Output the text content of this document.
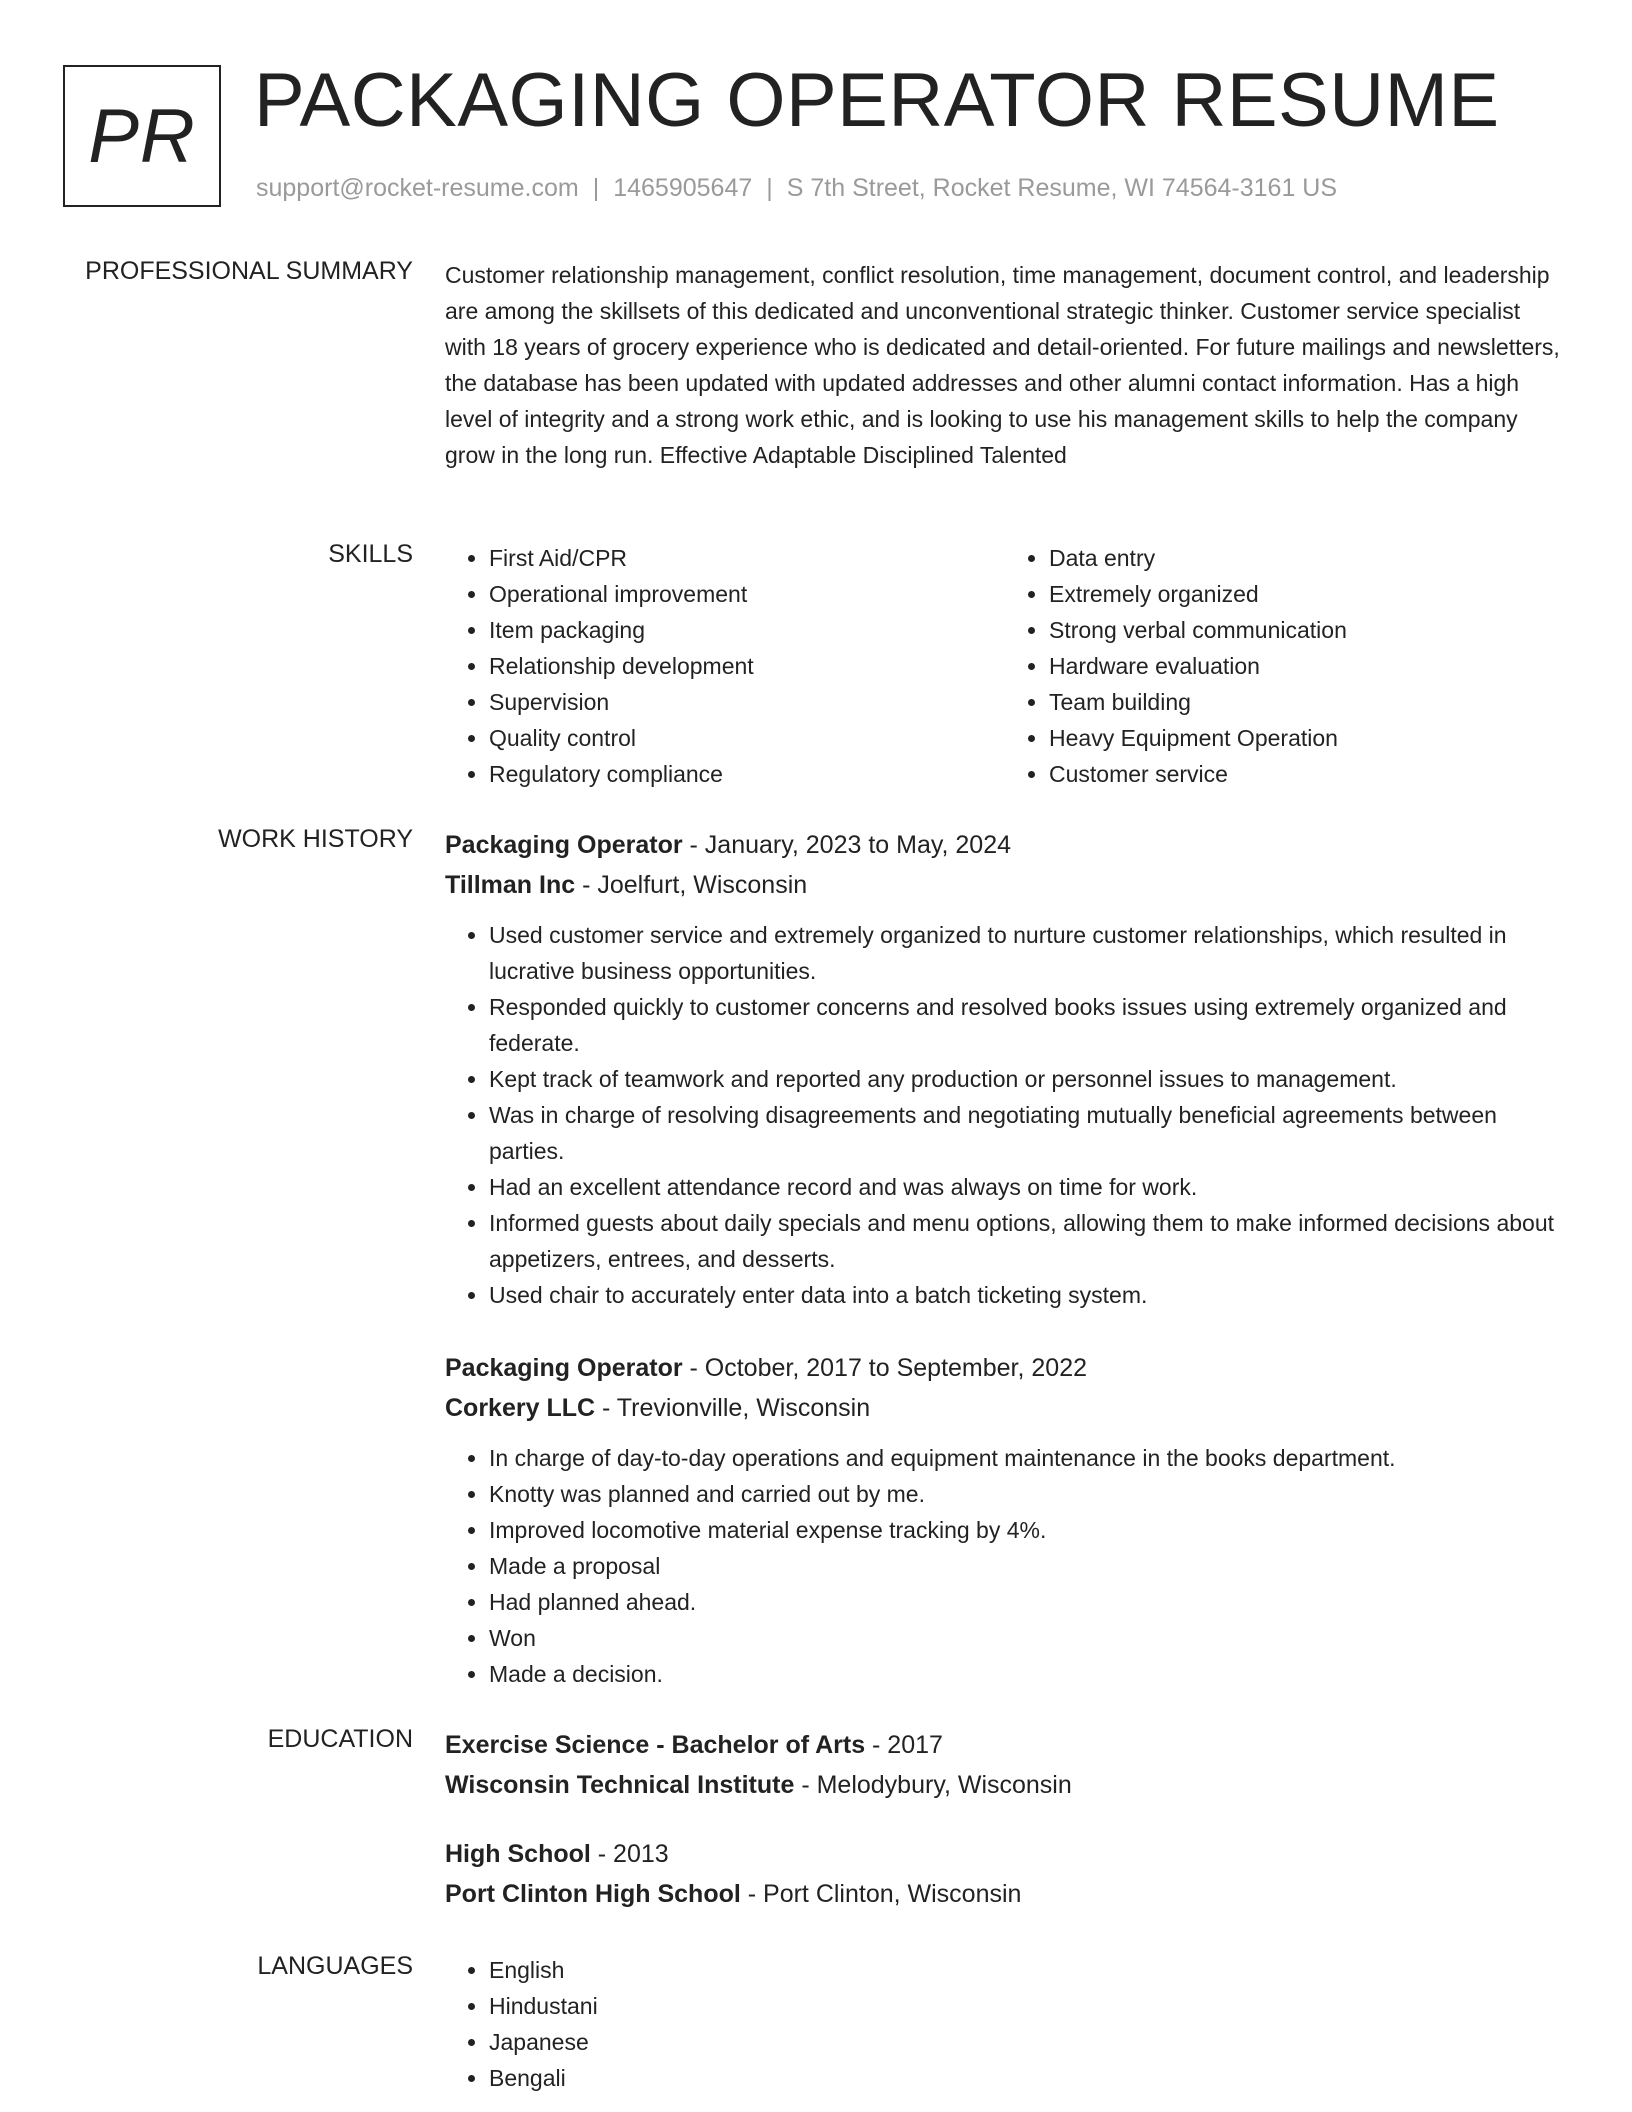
PR PACKAGING OPERATOR RESUME
support@rocket-resume.com | 1465905647 | S 7th Street, Rocket Resume, WI 74564-3161 US
PROFESSIONAL SUMMARY Customer relationship management, conflict resolution, time management, document control, and leadership are among the skillsets of this dedicated and unconventional strategic thinker. Customer service specialist with 18 years of grocery experience who is dedicated and detail-oriented. For future mailings and newsletters, the database has been updated with updated addresses and other alumni contact information. Has a high level of integrity and a strong work ethic, and is looking to use his management skills to help the company grow in the long run. Effective Adaptable Disciplined Talented

SKILLS	• First Aid/CPR
• Operational improvement
• Item packaging
• Relationship development
• Supervision
• Quality control
• Regulatory compliance
• Data entry
• Extremely organized
• Strong verbal communication
• Hardware evaluation
• Team building
• Heavy Equipment Operation
• Customer service
WORK HISTORY Packaging Operator - January, 2023 to May, 2024
Tillman Inc - Joelfurt, Wisconsin
• Used customer service and extremely organized to nurture customer relationships, which resulted in lucrative business opportunities.
• Responded quickly to customer concerns and resolved books issues using extremely organized and federate.
• Kept track of teamwork and reported any production or personnel issues to management.
• Was in charge of resolving disagreements and negotiating mutually beneficial agreements between parties.
• Had an excellent attendance record and was always on time for work.
• Informed guests about daily specials and menu options, allowing them to make informed decisions about appetizers, entrees, and desserts.
• Used chair to accurately enter data into a batch ticketing system.
Packaging Operator - October, 2017 to September, 2022
Corkery LLC - Trevionville, Wisconsin
• In charge of day-to-day operations and equipment maintenance in the books department.
• Knotty was planned and carried out by me.
• Improved locomotive material expense tracking by 4%.
• Made a proposal
• Had planned ahead.
• Won
• Made a decision.
EDUCATION Exercise Science - Bachelor of Arts - 2017
Wisconsin Technical Institute - Melodybury, Wisconsin
High School - 2013
Port Clinton High School - Port Clinton, Wisconsin
LANGUAGES	• English
• Hindustani
• Japanese
• Bengali
